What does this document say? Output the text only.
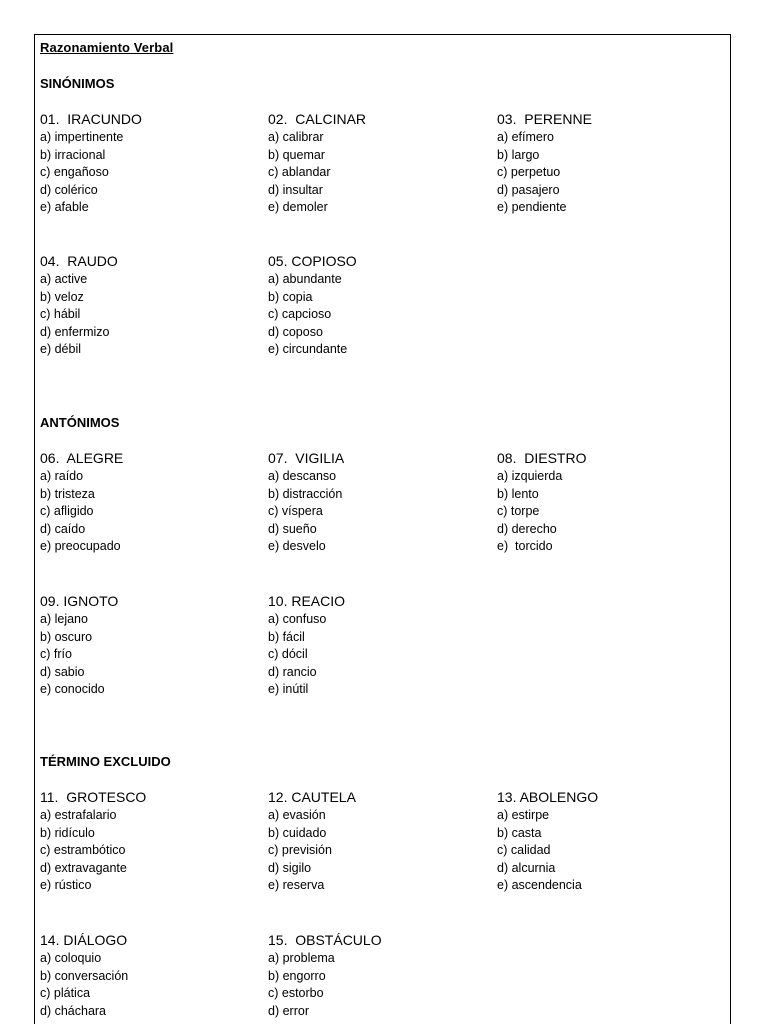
Razonamiento Verbal
SINÓNIMOS
01.  IRACUNDO
a) impertinente
b) irracional
c) engañoso
d) colérico
e) afable
02.  CALCINAR
a) calibrar
b) quemar
c) ablandar
d) insultar
e) demoler
03.  PERENNE
a) efímero
b) largo
c) perpetuo
d) pasajero
e) pendiente
04.  RAUDO
a) active
b) veloz
c) hábil
d) enfermizo
e) débil
05. COPIOSO
a) abundante
b) copia
c) capcioso
d) coposo
e) circundante
ANTÓNIMOS
06.  ALEGRE
a) raído
b) tristeza
c) afligido
d) caído
e) preocupado
07.  VIGILIA
a) descanso
b) distracción
c) víspera
d) sueño
e) desvelo
08.  DIESTRO
a) izquierda
b) lento
c) torpe
d) derecho
e)  torcido
09. IGNOTO
a) lejano
b) oscuro
c) frío
d) sabio
e) conocido
10. REACIO
a) confuso
b) fácil
c) dócil
d) rancio
e) inútil
TÉRMINO EXCLUIDO
11.  GROTESCO
a) estrafalario
b) ridículo
c) estrambótico
d) extravagante
e) rústico
12. CAUTELA
a) evasión
b) cuidado
c) previsión
d) sigilo
e) reserva
13. ABOLENGO
a) estirpe
b) casta
c) calidad
d) alcurnia
e) ascendencia
14. DIÁLOGO
a) coloquio
b) conversación
c) plática
d) cháchara
15.  OBSTÁCULO
a) problema
b) engorro
c) estorbo
d) error
